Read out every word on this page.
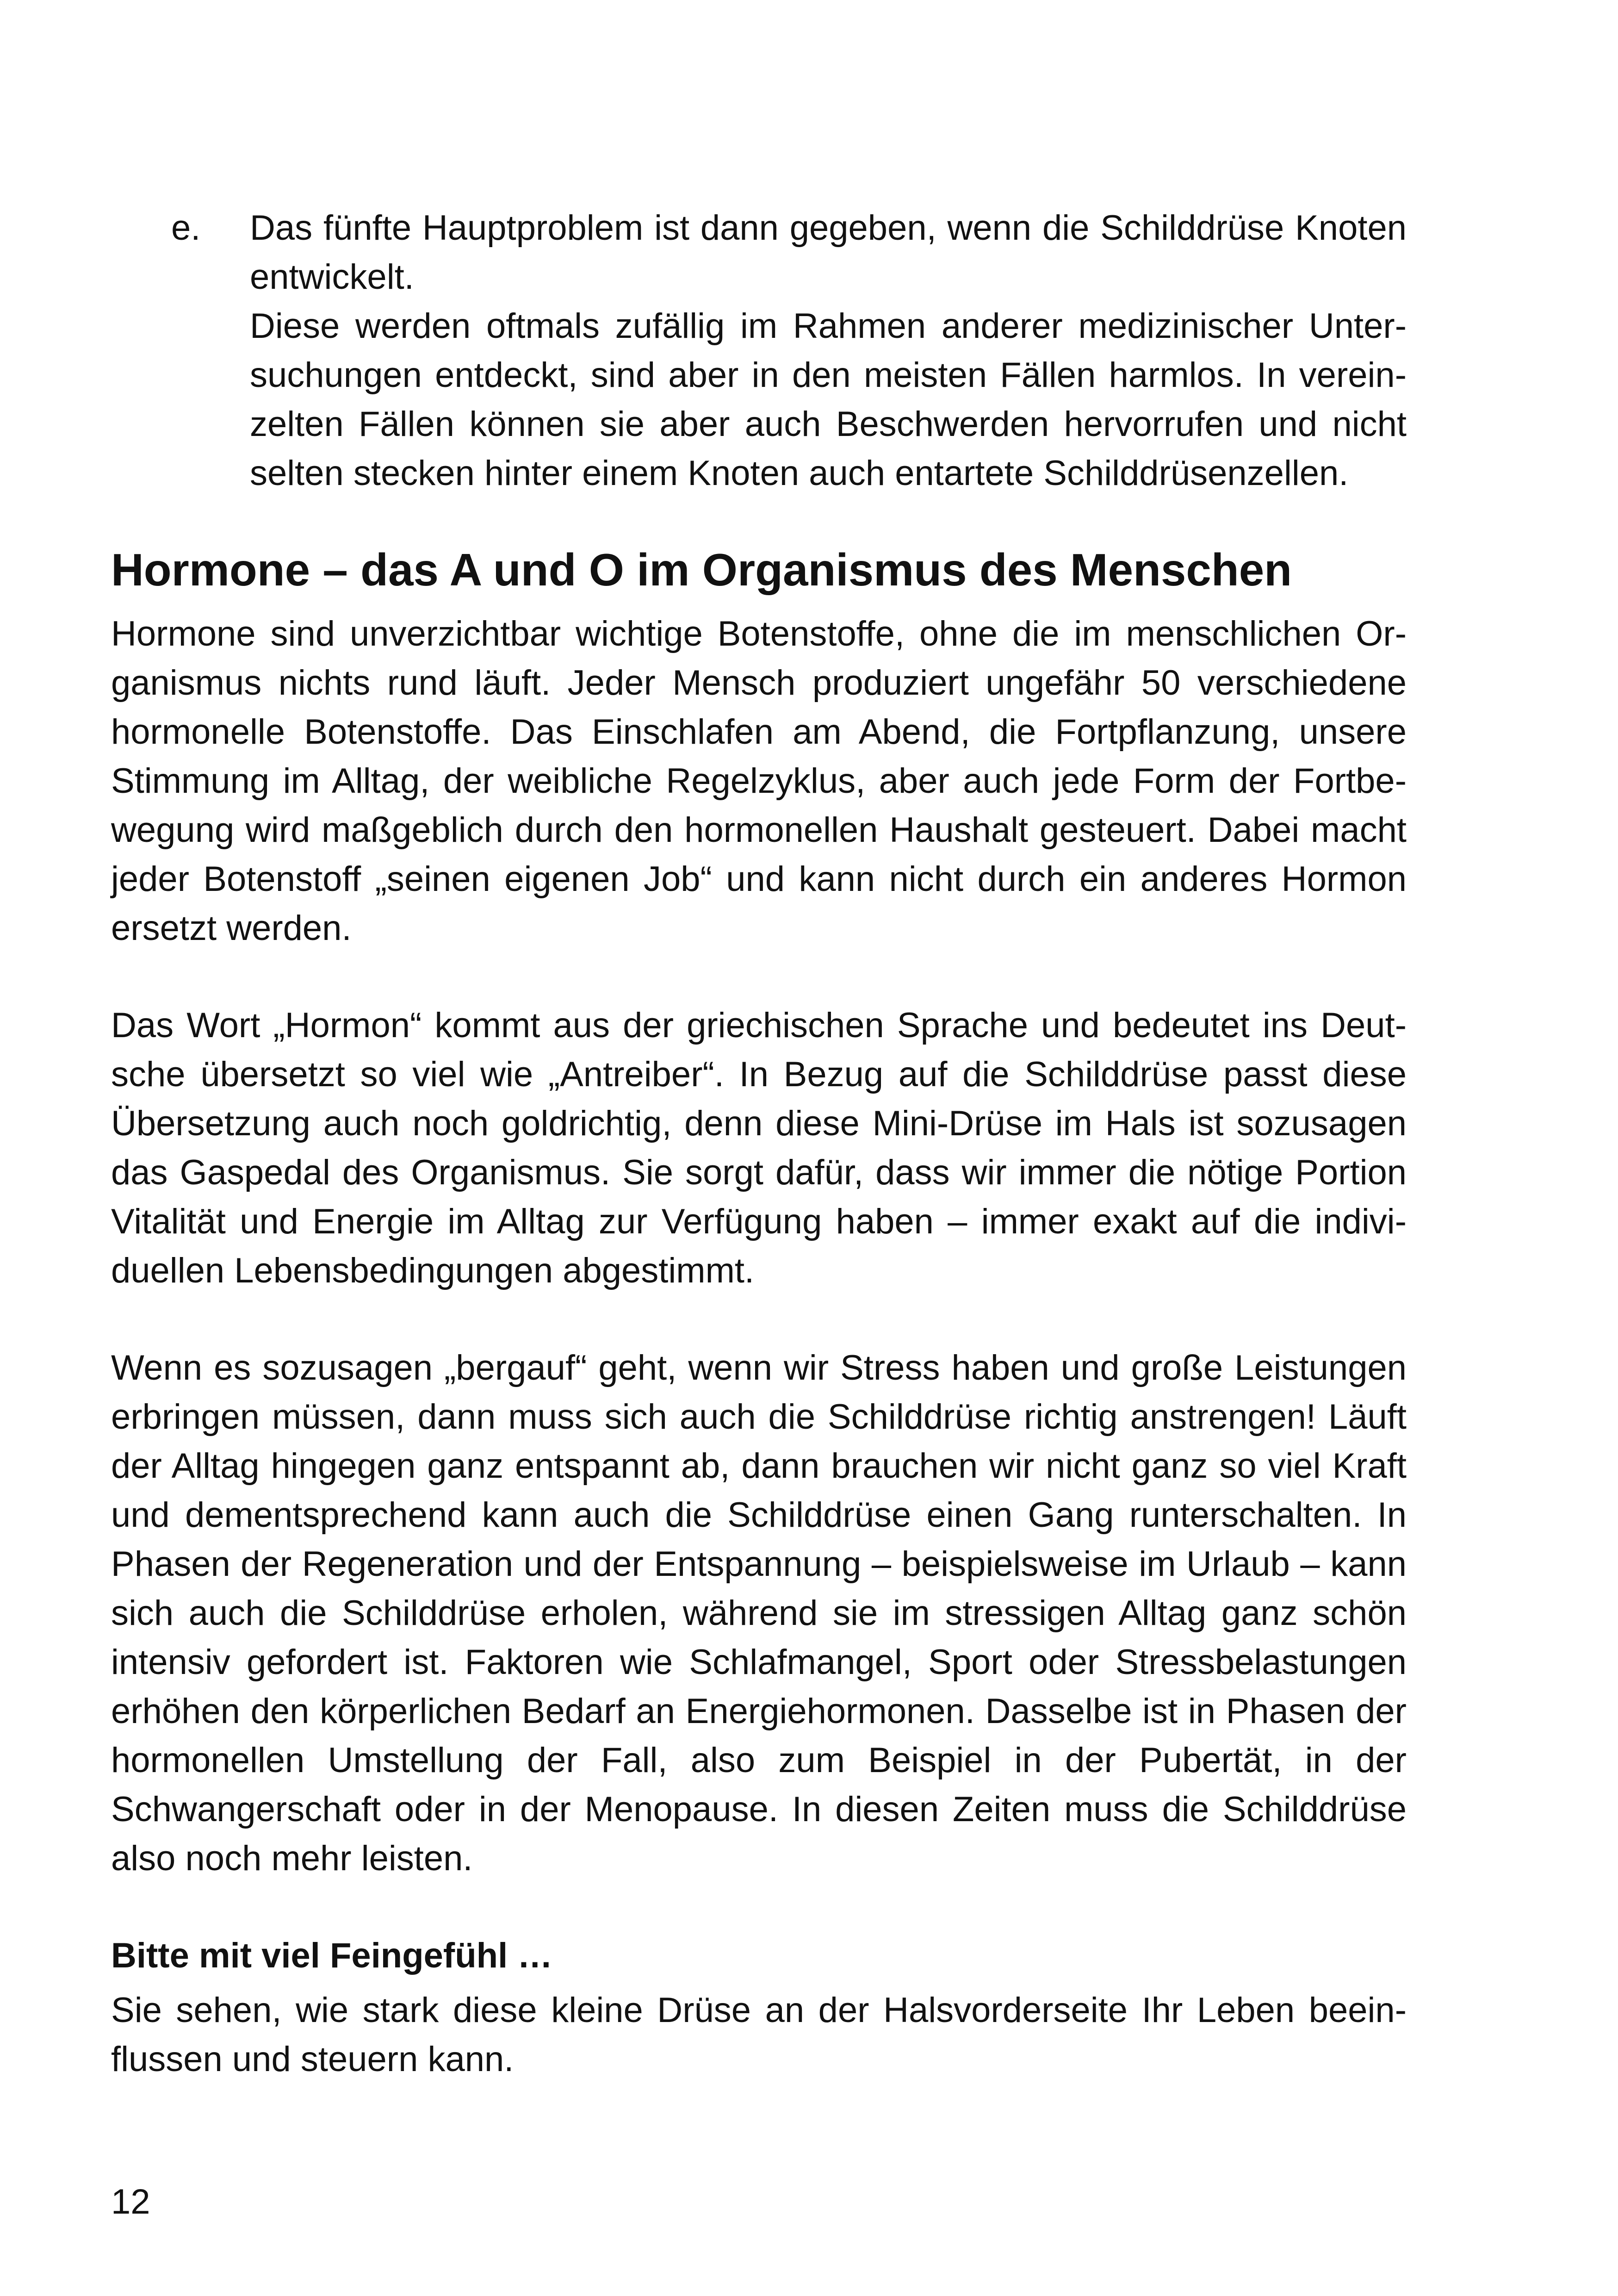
e.	Das fünfte Hauptproblem ist dann gegeben, wenn die Schilddrüse Knoten entwickelt.

Diese werden oftmals zufällig im Rahmen anderer medizinischer Untersuchungen entdeckt, sind aber in den meisten Fällen harmlos. In vereinzelten Fällen können sie aber auch Beschwerden hervorrufen und nicht selten stecken hinter einem Knoten auch entartete Schilddrüsenzellen.

Hormone – das A und O im Organismus des Menschen

Hormone sind unverzichtbar wichtige Botenstoffe, ohne die im menschlichen Organismus nichts rund läuft. Jeder Mensch produziert ungefähr 50 verschiedene hormonelle Botenstoffe. Das Einschlafen am Abend, die Fortpflanzung, unsere Stimmung im Alltag, der weibliche Regelzyklus, aber auch jede Form der Fortbewegung wird maßgeblich durch den hormonellen Haushalt gesteuert. Dabei macht jeder Botenstoff „seinen eigenen Job“ und kann nicht durch ein anderes Hormon ersetzt werden.

Das Wort „Hormon“ kommt aus der griechischen Sprache und bedeutet ins Deutsche übersetzt so viel wie „Antreiber“. In Bezug auf die Schilddrüse passt diese Übersetzung auch noch goldrichtig, denn diese Mini-Drüse im Hals ist sozusagen das Gaspedal des Organismus. Sie sorgt dafür, dass wir immer die nötige Portion Vitalität und Energie im Alltag zur Verfügung haben – immer exakt auf die individuellen Lebensbedingungen abgestimmt.

Wenn es sozusagen „bergauf“ geht, wenn wir Stress haben und große Leistungen erbringen müssen, dann muss sich auch die Schilddrüse richtig anstrengen! Läuft der Alltag hingegen ganz entspannt ab, dann brauchen wir nicht ganz so viel Kraft und dementsprechend kann auch die Schilddrüse einen Gang runterschalten. In Phasen der Regeneration und der Entspannung – beispielsweise im Urlaub – kann sich auch die Schilddrüse erholen, während sie im stressigen Alltag ganz schön intensiv gefordert ist. Faktoren wie Schlafmangel, Sport oder Stressbelastungen erhöhen den körperlichen Bedarf an Energiehormonen. Dasselbe ist in Phasen der hormonellen Umstellung der Fall, also zum Beispiel in der Pubertät, in der Schwangerschaft oder in der Menopause. In diesen Zeiten muss die Schilddrüse also noch mehr leisten.

Bitte mit viel Feingefühl …

Sie sehen, wie stark diese kleine Drüse an der Halsvorderseite Ihr Leben beeinflussen und steuern kann.

12
